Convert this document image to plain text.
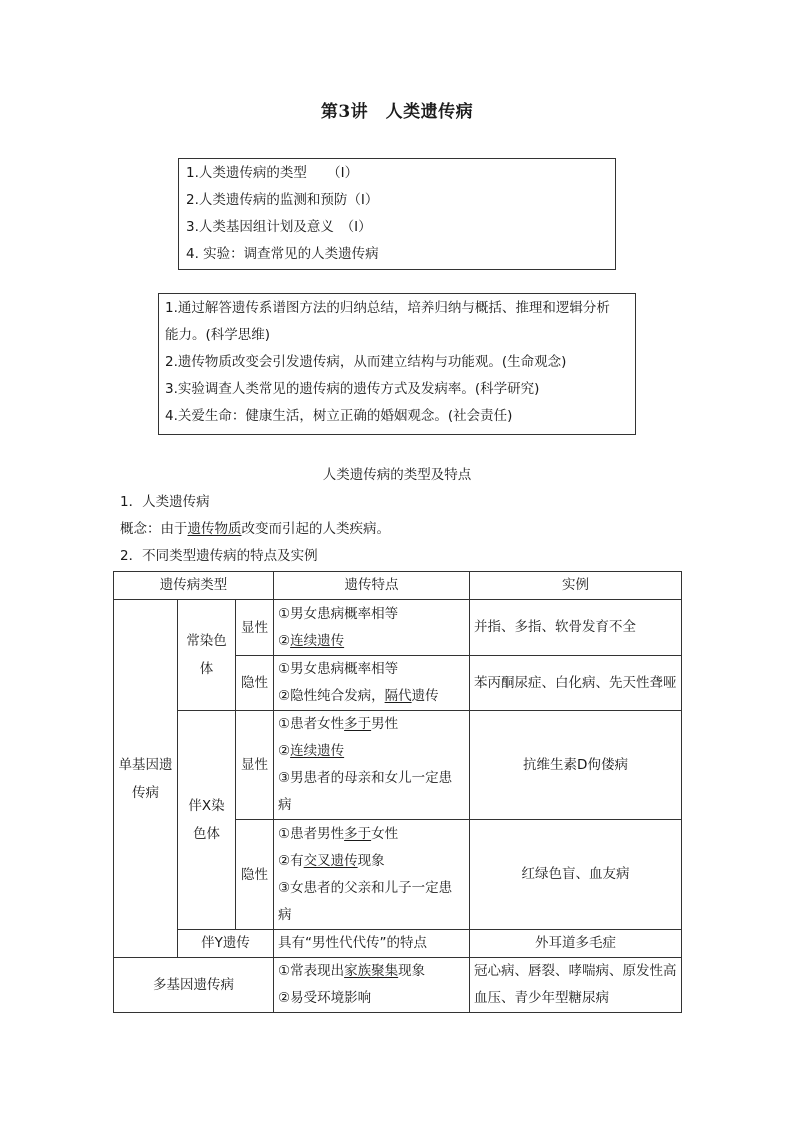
第3讲　人类遗传病
1.人类遗传病的类型　　（Ⅰ）
2.人类遗传病的监测和预防（Ⅰ）
3.人类基因组计划及意义　（Ⅰ）
4. 实验：调查常见的人类遗传病
1.通过解答遗传系谱图方法的归纳总结，培养归纳与概括、推理和逻辑分析
能力。(科学思维)
2.遗传物质改变会引发遗传病，从而建立结构与功能观。(生命观念)
3.实验调查人类常见的遗传病的遗传方式及发病率。(科学研究)
4.关爱生命：健康生活，树立正确的婚姻观念。(社会责任)
人类遗传病的类型及特点
1．人类遗传病
概念：由于遗传物质改变而引起的人类疾病。
2．不同类型遗传病的特点及实例
遗传病类型			遗传特点	实例
单基因遗传病	常染色体	显性	①男女患病概率相等
②连续遗传	并指、多指、软骨发育不全
		隐性	①男女患病概率相等
②隐性纯合发病，隔代遗传	苯丙酮尿症、白化病、先天性聋哑
	伴X染色体	显性	①患者女性多于男性
②连续遗传
③男患者的母亲和女儿一定患病	抗维生素D佝偻病
		隐性	①患者男性多于女性
②有交叉遗传现象
③女患者的父亲和儿子一定患病	红绿色盲、血友病
	伴Y遗传		具有“男性代代传”的特点	外耳道多毛症

多基因遗传病			①常表现出家族聚集现象
②易受环境影响	冠心病、唇裂、哮喘病、原发性高血压、青少年型糖尿病
